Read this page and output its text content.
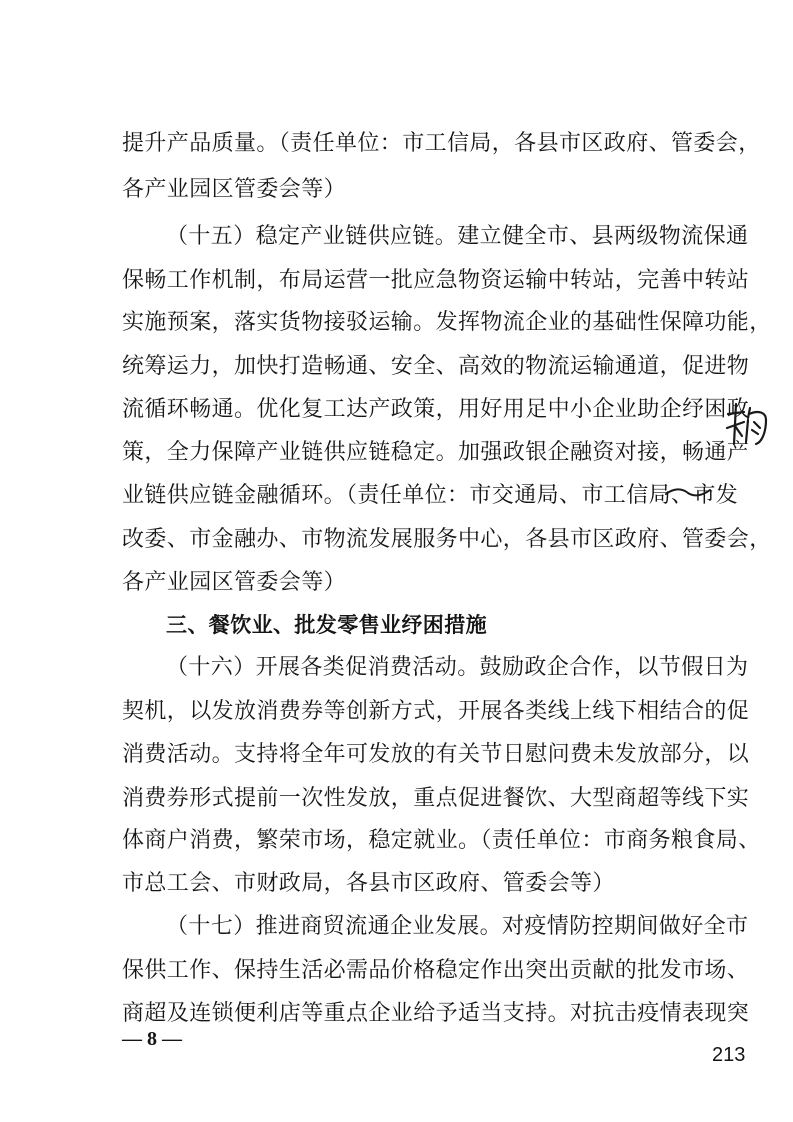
提升产品质量。（责任单位：市工信局，各县市区政府、管委会，
各产业园区管委会等）
（十五）稳定产业链供应链。建立健全市、县两级物流保通
保畅工作机制，布局运营一批应急物资运输中转站，完善中转站
实施预案，落实货物接驳运输。发挥物流企业的基础性保障功能，
统筹运力，加快打造畅通、安全、高效的物流运输通道，促进物
流循环畅通。优化复工达产政策，用好用足中小企业助企纾困政
策，全力保障产业链供应链稳定。加强政银企融资对接，畅通产
业链供应链金融循环。（责任单位：市交通局、市工信局、市发
改委、市金融办、市物流发展服务中心，各县市区政府、管委会，
各产业园区管委会等）
三、餐饮业、批发零售业纾困措施
（十六）开展各类促消费活动。鼓励政企合作，以节假日为
契机，以发放消费券等创新方式，开展各类线上线下相结合的促
消费活动。支持将全年可发放的有关节日慰问费未发放部分，以
消费券形式提前一次性发放，重点促进餐饮、大型商超等线下实
体商户消费，繁荣市场，稳定就业。（责任单位：市商务粮食局、
市总工会、市财政局，各县市区政府、管委会等）
（十七）推进商贸流通企业发展。对疫情防控期间做好全市
保供工作、保持生活必需品价格稳定作出突出贡献的批发市场、
商超及连锁便利店等重点企业给予适当支持。对抗击疫情表现突
— 8 —
213
